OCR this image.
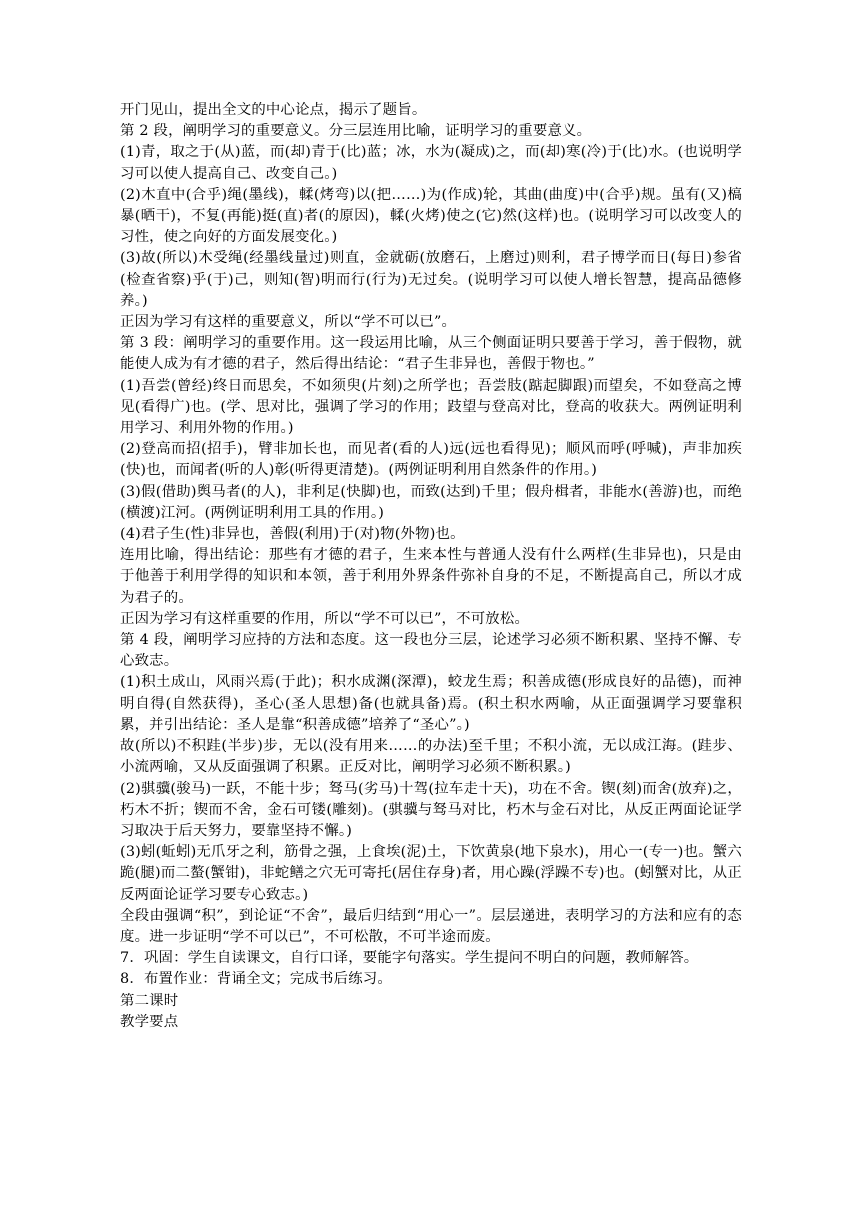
开门见山，提出全文的中心论点，揭示了题旨。

第 2 段，阐明学习的重要意义。分三层连用比喻，证明学习的重要意义。

(1)青，取之于(从)蓝，而(却)青于(比)蓝；冰，水为(凝成)之，而(却)寒(冷)于(比)水。(也说明学习可以使人提高自己、改变自己。)

(2)木直中(合乎)绳(墨线)，輮(烤弯)以(把……)为(作成)轮，其曲(曲度)中(合乎)规。虽有(又)槁暴(晒干)，不复(再能)挺(直)者(的原因)，輮(火烤)使之(它)然(这样)也。(说明学习可以改变人的习性，使之向好的方面发展变化。)

(3)故(所以)木受绳(经墨线量过)则直，金就砺(放磨石，上磨过)则利，君子博学而日(每日)参省(检查省察)乎(于)己，则知(智)明而行(行为)无过矣。(说明学习可以使人增长智慧，提高品德修养。)

正因为学习有这样的重要意义，所以“学不可以已”。

第 3 段：阐明学习的重要作用。这一段运用比喻，从三个侧面证明只要善于学习，善于假物，就能使人成为有才德的君子，然后得出结论：“君子生非异也，善假于物也。”

(1)吾尝(曾经)终日而思矣，不如须臾(片刻)之所学也；吾尝肢(踮起脚跟)而望矣，不如登高之博见(看得广)也。(学、思对比，强调了学习的作用；跂望与登高对比，登高的收获大。两例证明利用学习、利用外物的作用。)

(2)登高而招(招手)，臂非加长也，而见者(看的人)远(远也看得见)；顺风而呼(呼喊)，声非加疾(快)也，而闻者(听的人)彰(听得更清楚)。(两例证明利用自然条件的作用。)

(3)假(借助)舆马者(的人)，非利足(快脚)也，而致(达到)千里；假舟楫者，非能水(善游)也，而绝(横渡)江河。(两例证明利用工具的作用。)

(4)君子生(性)非异也，善假(利用)于(对)物(外物)也。

连用比喻，得出结论：那些有才德的君子，生来本性与普通人没有什么两样(生非异也)，只是由于他善于利用学得的知识和本领，善于利用外界条件弥补自身的不足，不断提高自己，所以才成为君子的。

正因为学习有这样重要的作用，所以“学不可以已”，不可放松。

第 4 段，阐明学习应持的方法和态度。这一段也分三层，论述学习必须不断积累、坚持不懈、专心致志。

(1)积土成山，风雨兴焉(于此)；积水成渊(深潭)，蛟龙生焉；积善成德(形成良好的品德)，而神明自得(自然获得)，圣心(圣人思想)备(也就具备)焉。(积土积水两喻，从正面强调学习要靠积累，并引出结论：圣人是靠“积善成德”培养了“圣心”。)

故(所以)不积跬(半步)步，无以(没有用来……的办法)至千里；不积小流，无以成江海。(跬步、小流两喻，又从反面强调了积累。正反对比，阐明学习必须不断积累。)

(2)骐骥(骏马)一跃，不能十步；驽马(劣马)十驾(拉车走十天)，功在不舍。锲(刻)而舍(放弃)之，朽木不折；锲而不舍，金石可镂(雕刻)。(骐骥与驽马对比，朽木与金石对比，从反正两面论证学习取决于后天努力，要靠坚持不懈。)

(3)蚓(蚯蚓)无爪牙之利，筋骨之强，上食埃(泥)土，下饮黄泉(地下泉水)，用心一(专一)也。蟹六跪(腿)而二螯(蟹钳)，非蛇鳝之穴无可寄托(居住存身)者，用心躁(浮躁不专)也。(蚓蟹对比，从正反两面论证学习要专心致志。)

全段由强调“积”，到论证“不舍”，最后归结到“用心一”。层层递进，表明学习的方法和应有的态度。进一步证明“学不可以已”，不可松散，不可半途而废。

7．巩固：学生自读课文，自行口译，要能字句落实。学生提问不明白的问题，教师解答。

8．布置作业：背诵全文；完成书后练习。

第二课时

教学要点
